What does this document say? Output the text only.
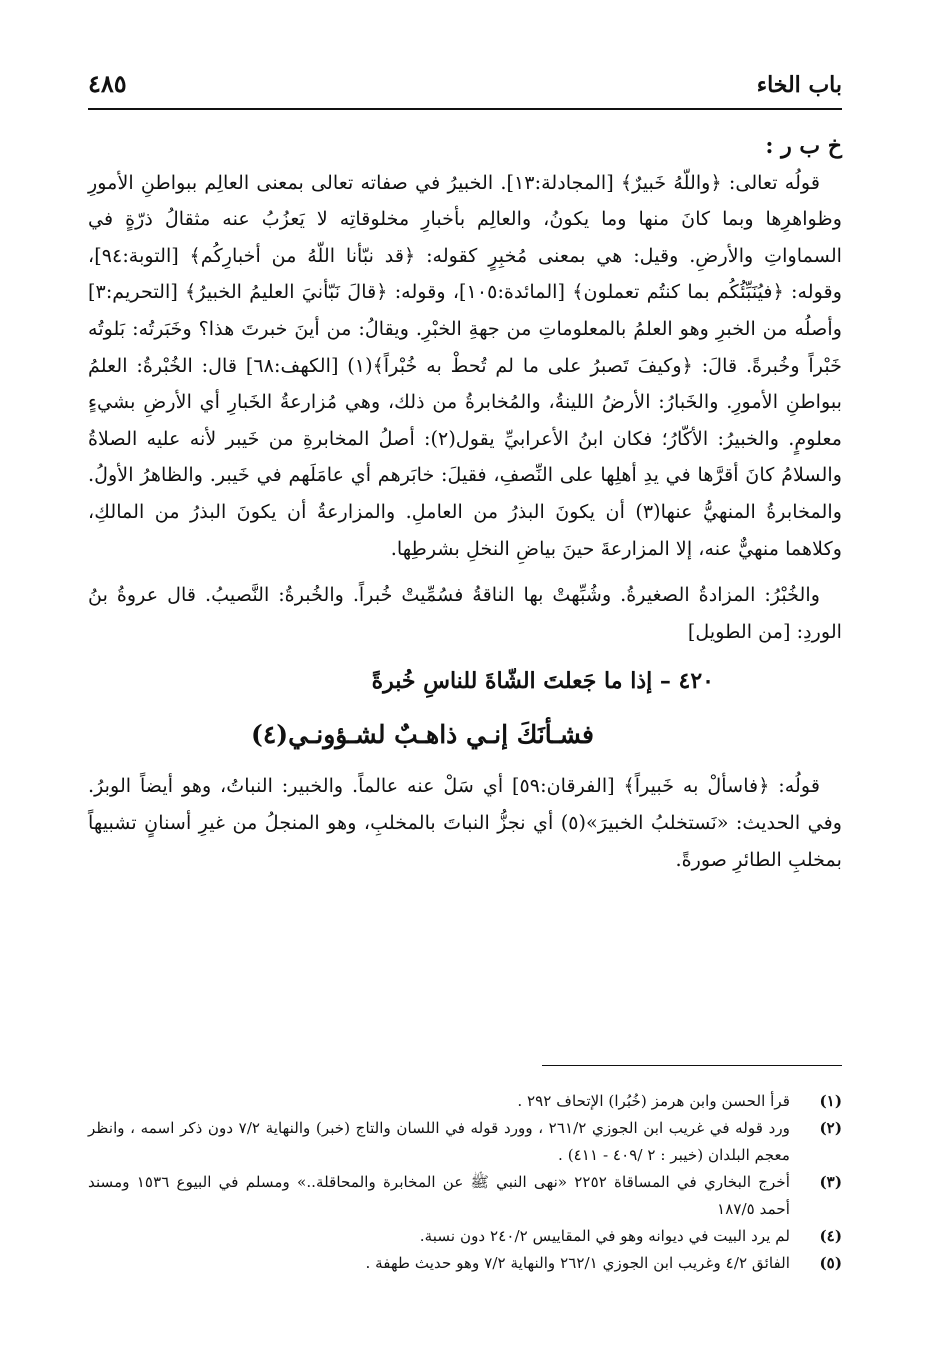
باب الخاء
٤٨٥

خ ب ر :

قولُه تعالى: ﴿واللّهُ خَبيرٌ﴾ [المجادلة:١٣]. الخبيرُ في صفاته تعالى بمعنى العالِم ببواطنِ الأمورِ وظواهرِها وبما كانَ منها وما يكونُ، والعالِم بأخبارِ مخلوقاتِه لا يَعزُبُ عنه مثقالُ ذرّةٍ في السماواتِ والأرضِ. وقيل: هي بمعنى مُخبِرٍ كقوله: ﴿قد نبّأنا اللّهُ من أخبارِكُم﴾ [التوبة:٩٤]، وقوله: ﴿فيُنَبِّئُكُم بما كنتُم تعملون﴾ [المائدة:١٠٥]، وقوله: ﴿قالَ نَبّأنيَ العليمُ الخبيرُ﴾ [التحريم:٣] وأصلُه من الخبرِ وهو العلمُ بالمعلوماتِ من جهةِ الخبْرِ. ويقالُ: من أينَ خبرتَ هذا؟ وخَبَرتُه: بَلوتُه خَبْراً وخُبرةً. قالَ: ﴿وكيفَ تَصبرُ على ما لم تُحطْ به خُبْراً﴾(١) [الكهف:٦٨] قال: الخُبْرةُ: العلمُ ببواطنِ الأمورِ. والخَبارُ: الأرضُ اللينةُ، والمُخابرةُ من ذلك، وهي مُزارعةُ الخَبارِ أي الأرضِ بشيءٍ معلومٍ. والخبيرُ: الأكّارُ؛ فكان ابنُ الأعرابيِّ يقول(٢): أصلُ المخابرةِ من خَيبر لأنه عليه الصلاةُ والسلامُ كانَ أقرَّها في يدِ أهلِها على النِّصفِ، فقيلَ: خابَرهم أي عامَلَهم في خَيبر. والظاهرُ الأولُ. والمخابرةُ المنهيُّ عنها(٣) أن يكونَ البذرُ من العاملِ. والمزارعةُ أن يكونَ البذرُ من المالكِ، وكلاهما منهيٌّ عنه، إلا المزارعةَ حينَ بياضِ النخلِ بشرطِها.

والخُبْرُ: المزادةُ الصغيرةُ. وشُبِّهتْ بها الناقةُ فسُمِّيتْ خُبراً. والخُبرةُ: النَّصيبُ. قال عروةُ بنُ الوردِ: [من الطويل]

٤٢٠ – إذا ما جَعلتَ الشّاةَ للناسِ خُبرةً
فشـأنَكَ إنـي ذاهـبٌ لشـؤونـي(٤)

قولُه: ﴿فاسألْ به خَبيراً﴾ [الفرقان:٥٩] أي سَلْ عنه عالماً. والخبير: النباتُ، وهو أيضاً الوبرُ. وفي الحديث: «نَستخلبُ الخبيرَ»(٥) أي نجزُّ النباتَ بالمخلبِ، وهو المنجلُ من غيرِ أسنانٍ تشبيهاً بمخلبِ الطائرِ صورةً.

(١)
قرأ الحسن وابن هرمز (خُبُرا) الإتحاف ٢٩٢ .
(٢)
ورد قوله في غريب ابن الجوزي ٢٦١/٢ ، وورد قوله في اللسان والتاج (خبر) والنهاية ٧/٢ دون ذكر اسمه ، وانظر معجم البلدان (خيبر : ٢ /٤٠٩ - ٤١١) .
(٣)
أخرج البخاري في المساقاة ٢٢٥٢ «نهى النبي ﷺ عن المخابرة والمحاقلة..» ومسلم في البيوع ١٥٣٦ ومسند أحمد ١٨٧/٥
(٤)
لم يرد البيت في ديوانه وهو في المقاييس ٢٤٠/٢ دون نسبة.
(٥)
الفائق ٤/٢ وغريب ابن الجوزي ٢٦٢/١ والنهاية ٧/٢ وهو حديث طهفة .
